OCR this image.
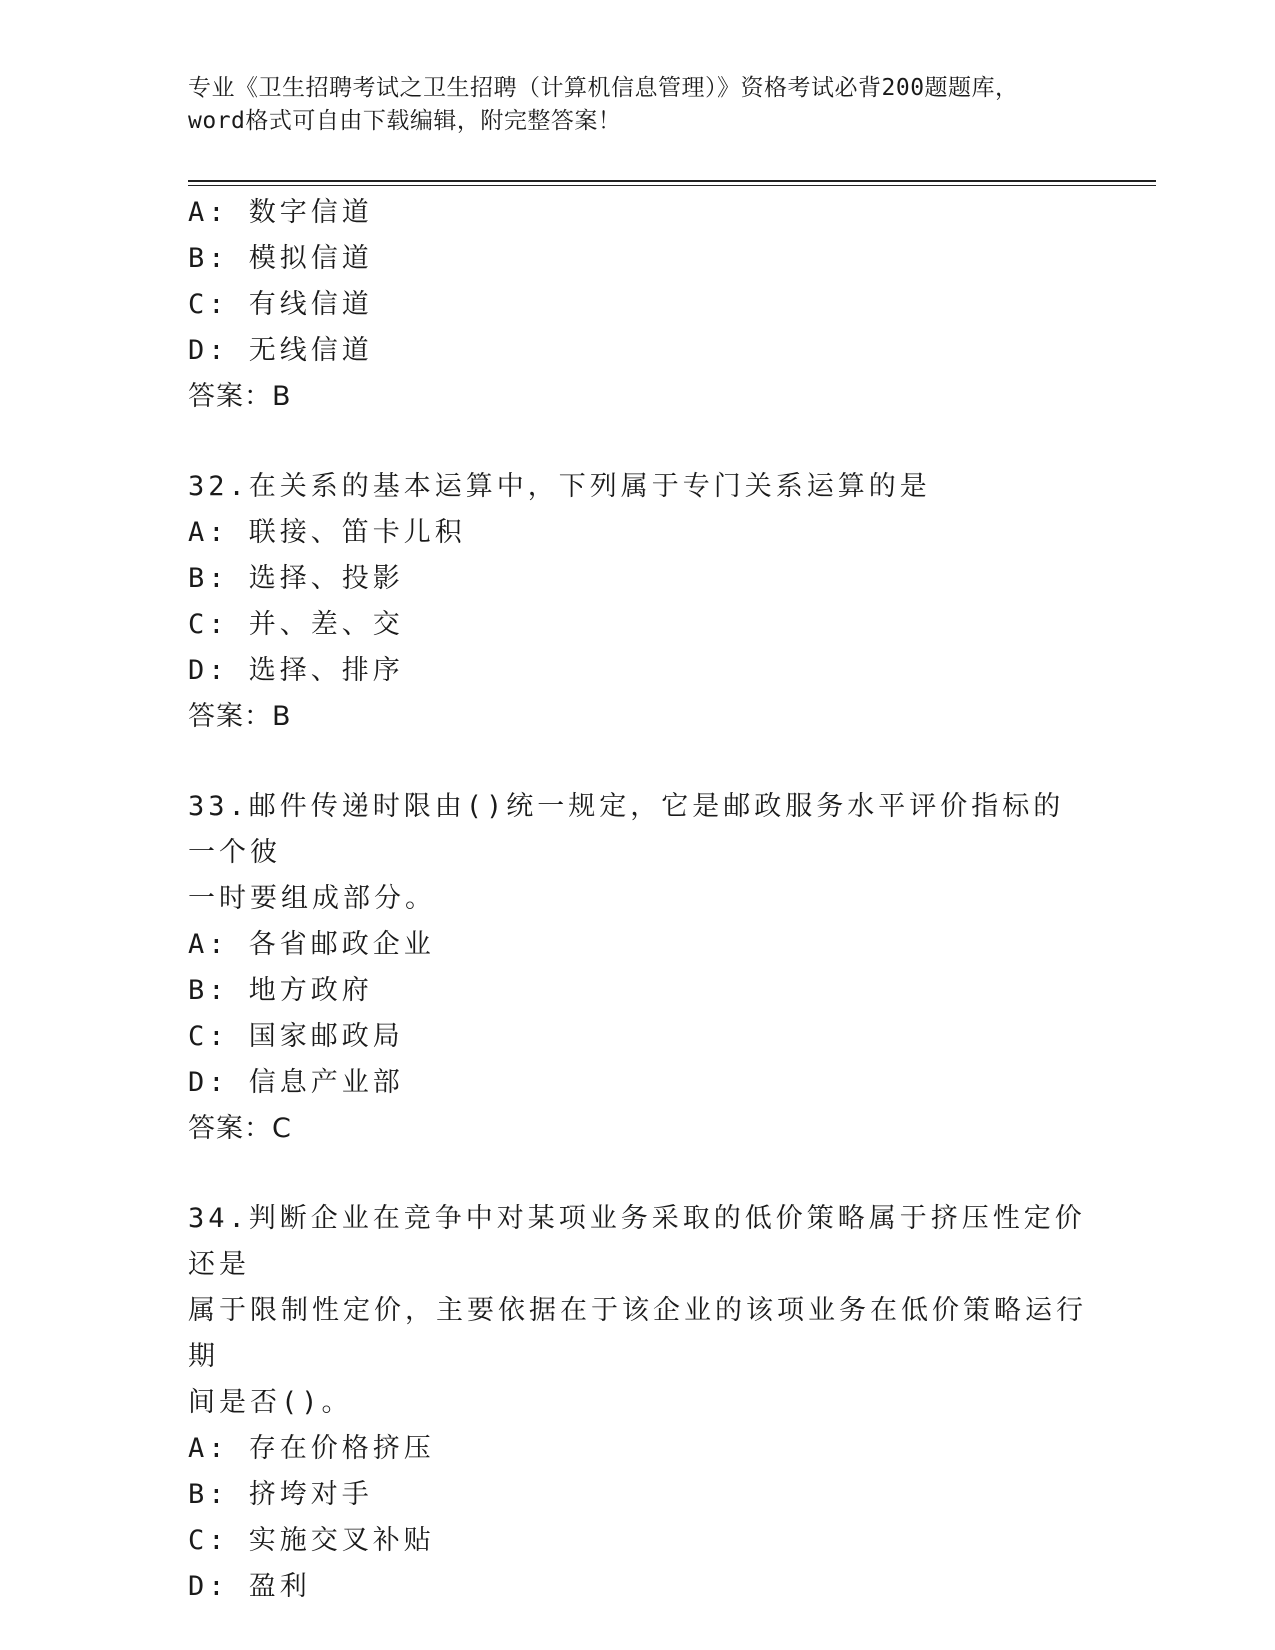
专业《卫生招聘考试之卫生招聘（计算机信息管理）》资格考试必背200题题库，
word格式可自由下载编辑，附完整答案！
A: 数字信道
B: 模拟信道
C: 有线信道
D: 无线信道
答案：B
32.在关系的基本运算中，下列属于专门关系运算的是
A: 联接、笛卡儿积
B: 选择、投影
C: 并、差、交
D: 选择、排序
答案：B
33.邮件传递时限由()统一规定，它是邮政服务水平评价指标的一个彼
一时要组成部分。
A: 各省邮政企业
B: 地方政府
C: 国家邮政局
D: 信息产业部
答案：C
34.判断企业在竞争中对某项业务采取的低价策略属于挤压性定价还是
属于限制性定价，主要依据在于该企业的该项业务在低价策略运行期
间是否()。
A: 存在价格挤压
B: 挤垮对手
C: 实施交叉补贴
D: 盈利
